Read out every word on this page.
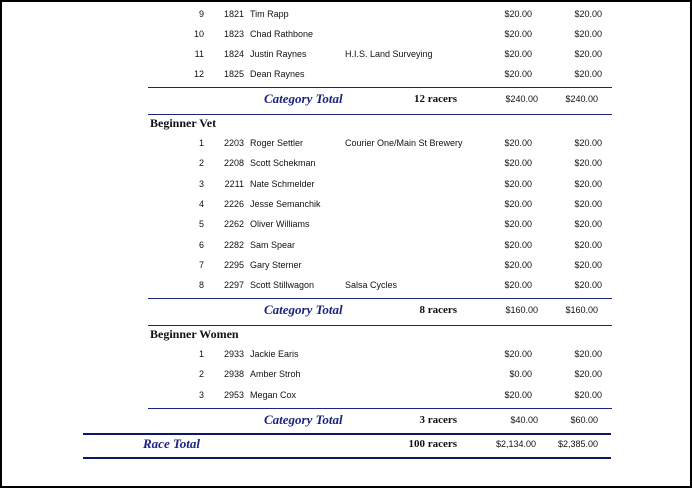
9	1821 Tim Rapp	$20.00	$20.00
10	1823 Chad Rathbone	$20.00	$20.00
11	1824 Justin Raynes	H.I.S. Land Surveying	$20.00	$20.00
12	1825 Dean Raynes	$20.00	$20.00
Category Total	12 racers	$240.00	$240.00
Beginner Vet
1	2203 Roger Settler	Courier One/Main St Brewery	$20.00	$20.00
2	2208 Scott Schekman	$20.00	$20.00
3	2211 Nate Schmelder	$20.00	$20.00
4	2226 Jesse Semanchik	$20.00	$20.00
5	2262 Oliver Williams	$20.00	$20.00
6	2282 Sam Spear	$20.00	$20.00
7	2295 Gary Sterner	$20.00	$20.00
8	2297 Scott Stillwagon	Salsa Cycles	$20.00	$20.00
Category Total	8 racers	$160.00	$160.00
Beginner Women
1	2933 Jackie Earis	$20.00	$20.00
2	2938 Amber Stroh	$0.00	$20.00
3	2953 Megan Cox	$20.00	$20.00
Category Total	3 racers	$40.00	$60.00
Race Total	100 racers	$2,134.00	$2,385.00
